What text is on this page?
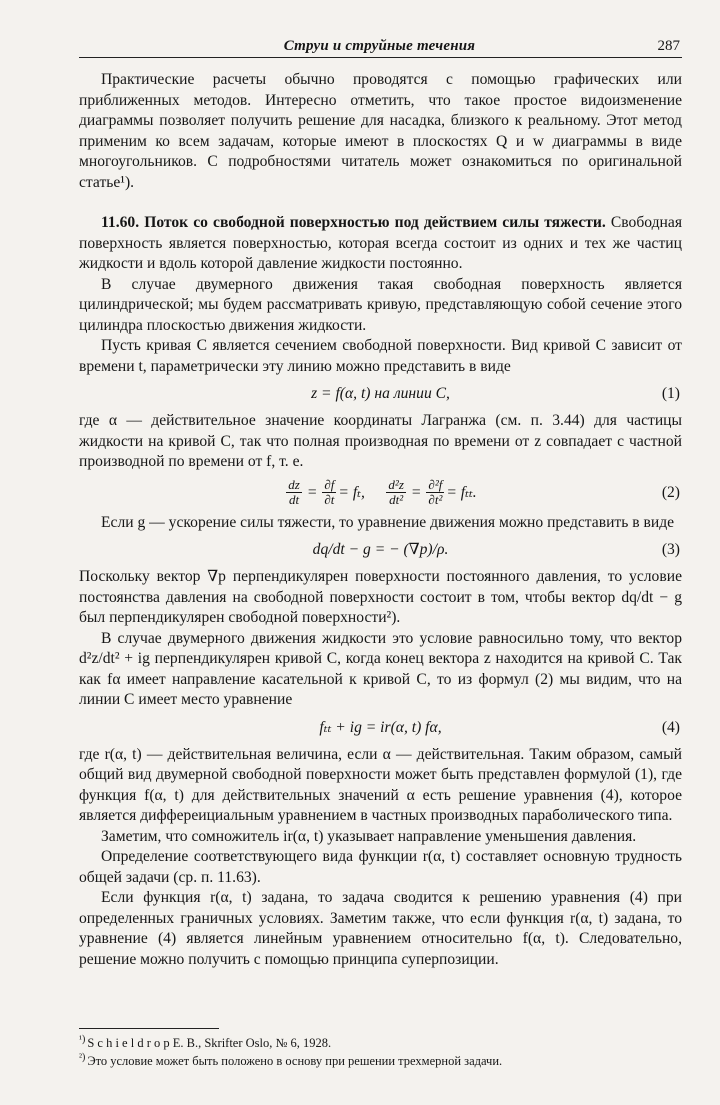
Струи и струйные течения	287

Практические расчеты обычно проводятся с помощью графических или приближенных методов. Интересно отметить, что такое простое видоизменение диаграммы позволяет получить решение для насадка, близкого к реальному. Этот метод применим ко всем задачам, которые имеют в плоскостях Q и w диаграммы в виде многоугольников. С подробностями читатель может ознакомиться по оригинальной статье¹).

11.60. Поток со свободной поверхностью под действием силы тяжести. Свободная поверхность является поверхностью, которая всегда состоит из одних и тех же частиц жидкости и вдоль которой давление жидкости постоянно.

В случае двумерного движения такая свободная поверхность является цилиндрической; мы будем рассматривать кривую, представляющую собой сечение этого цилиндра плоскостью движения жидкости.

Пусть кривая C является сечением свободной поверхности. Вид кривой C зависит от времени t, параметрически эту линию можно представить в виде

z = f(α, t) на линии C,	(1)

где α — действительное значение координаты Лагранжа (см. п. 3.44) для частицы жидкости на кривой C, так что полная производная по времени от z совпадает с частной производной по времени от f, т. е.

$\frac{dz}{dt} = \frac{\partial f}{\partial t} = f_t$, $\frac{\text{d²z}}{\text{dt²}} = \frac{\text{∂²f}}{\text{∂t²}} = f_{tt}$.	(2)

Если g — ускорение силы тяжести, то уравнение движения можно представить в виде

dq/dt − g = − (∇p)/ρ.	(3)

Поскольку вектор ∇p перпендикулярен поверхности постоянного давления, то условие постоянства давления на свободной поверхности состоит в том, чтобы вектор dq/dt − g был перпендикулярен свободной поверхности²).

В случае двумерного движения жидкости это условие равносильно тому, что вектор d²z/dt² + ig перпендикулярен кривой C, когда конец вектора z находится на кривой C. Так как fα имеет направление касательной к кривой C, то из формул (2) мы видим, что на линии C имеет место уравнение

fₜₜ + ig = ir(α, t) fα,	(4)

где r(α, t) — действительная величина, если α — действительная. Таким образом, самый общий вид двумерной свободной поверхности может быть представлен формулой (1), где функция f(α, t) для действительных значений α есть решение уравнения (4), которое является диффереициальным уравнением в частных производных параболического типа.

Заметим, что сомножитель ir(α, t) указывает направление уменьшения давления.

Определение соответствующего вида функции r(α, t) составляет основную трудность общей задачи (ср. п. 11.63).

Если функция r(α, t) задана, то задача сводится к решению уравнения (4) при определенных граничных условиях. Заметим также, что если функция r(α, t) задана, то уравнение (4) является линейным уравнением относительно f(α, t). Следовательно, решение можно получить с помощью принципа суперпозиции.

$^{^1)}$ S c h i e l d r o p E. B., Skrifter Oslo, № 6, 1928.

$^{^2)}$ Это условие может быть положено в основу при решении трехмерной задачи.
